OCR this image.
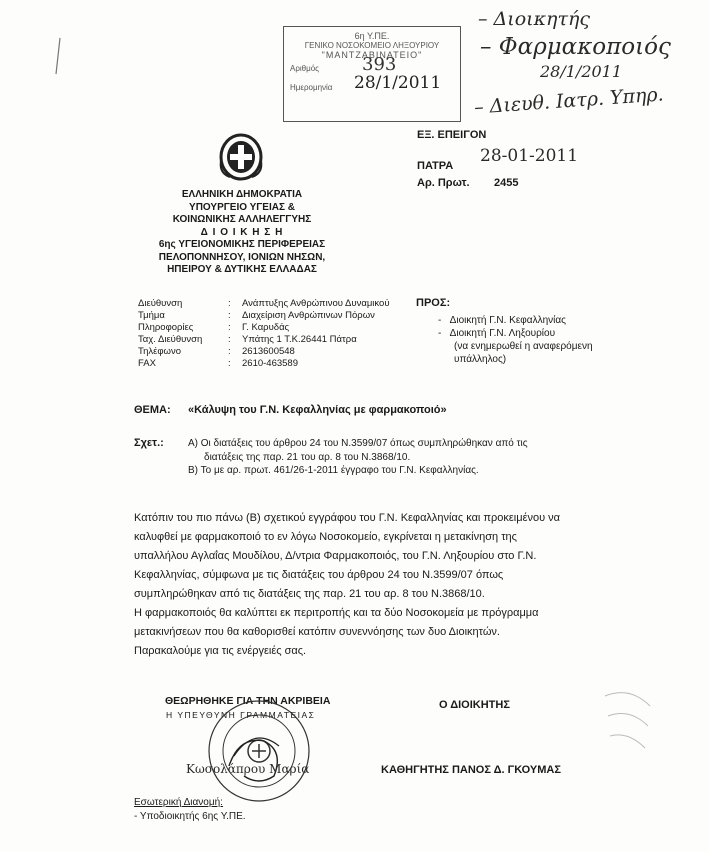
6η Υ.ΠΕ.
ΓΕΝΙΚΟ ΝΟΣΟΚΟΜΕΙΟ ΛΗΞΟΥΡΙΟΥ
"ΜΑΝΤΖΑΒΙΝΑΤΕΙΟ"
Αριθμός 393
Ημερομηνία 28/1/2011
– Διοικητής
– Φαρμακοποιός
28/1/2011
– Διευθ. Ιατρ. Υπηρ.
ΕΛΛΗΝΙΚΗ ΔΗΜΟΚΡΑΤΙΑ
ΥΠΟΥΡΓΕΙΟ ΥΓΕΙΑΣ &
ΚΟΙΝΩΝΙΚΗΣ ΑΛΛΗΛΕΓΓΥΗΣ
Δ Ι Ο Ι Κ Η Σ Η
6ης ΥΓΕΙΟΝΟΜΙΚΗΣ ΠΕΡΙΦΕΡΕΙΑΣ
ΠΕΛΟΠΟΝΝΗΣΟΥ, ΙΟΝΙΩΝ ΝΗΣΩΝ,
ΗΠΕΙΡΟΥ & ΔΥΤΙΚΗΣ ΕΛΛΑΔΑΣ
ΕΞ. ΕΠΕΙΓΟΝ
ΠΑΤΡΑ 28-01-2011
Αρ. Πρωτ. 2455
Διεύθυνση	:	Ανάπτυξης Ανθρώπινου Δυναμικού
Τμήμα	:	Διαχείριση Ανθρώπινων Πόρων
Πληροφορίες	:	Γ. Καρυδάς
Ταχ. Διεύθυνση	:	Υπάτης 1 Τ.Κ.26441 Πάτρα
Τηλέφωνο	:	2613600548
FAX	:	2610-463589
ΠΡΟΣ:
-   Διοικητή Γ.Ν. Κεφαλληνίας
-   Διοικητή Γ.Ν. Ληξουρίου
(να ενημερωθεί η αναφερόμενη
υπάλληλος)
ΘΕΜΑ: «Κάλυψη του Γ.Ν. Κεφαλληνίας με φαρμακοποιό»
Σχετ.: Α) Οι διατάξεις του άρθρου 24 του Ν.3599/07 όπως συμπληρώθηκαν από τις
διατάξεις της παρ. 21 του αρ. 8 του Ν.3868/10.
Β) Το με αρ. πρωτ. 461/26-1-2011 έγγραφο του Γ.Ν. Κεφαλληνίας.
Κατόπιν του πιο πάνω (Β) σχετικού εγγράφου του Γ.Ν. Κεφαλληνίας και προκειμένου να
καλυφθεί με φαρμακοποιό το εν λόγω Νοσοκομείο, εγκρίνεται η μετακίνηση της
υπαλλήλου Αγλαΐας Μουδίλου, Δ/ντρια Φαρμακοποιός, του Γ.Ν. Ληξουρίου στο Γ.Ν.
Κεφαλληνίας, σύμφωνα με τις διατάξεις του άρθρου 24 του Ν.3599/07 όπως
συμπληρώθηκαν από τις διατάξεις της παρ. 21 του αρ. 8 του Ν.3868/10.
Η φαρμακοποιός θα καλύπτει εκ περιτροπής και τα δύο Νοσοκομεία με πρόγραμμα
μετακινήσεων που θα καθορισθεί κατόπιν συνεννόησης των δυο Διοικητών.
Παρακαλούμε για τις ενέργειές σας.
ΘΕΩΡΗΘΗΚΕ ΓΙΑ ΤΗΝ ΑΚΡΙΒΕΙΑ
Η ΥΠΕΥΘΥΝΗ ΓΡΑΜΜΑΤΕΙΑΣ
Κωσολάπρου Μαρία
Ο ΔΙΟΙΚΗΤΗΣ
ΚΑΘΗΓΗΤΗΣ ΠΑΝΟΣ Δ. ΓΚΟΥΜΑΣ
Εσωτερική Διανομή:
- Υποδιοικητής 6ης Υ.ΠΕ.
